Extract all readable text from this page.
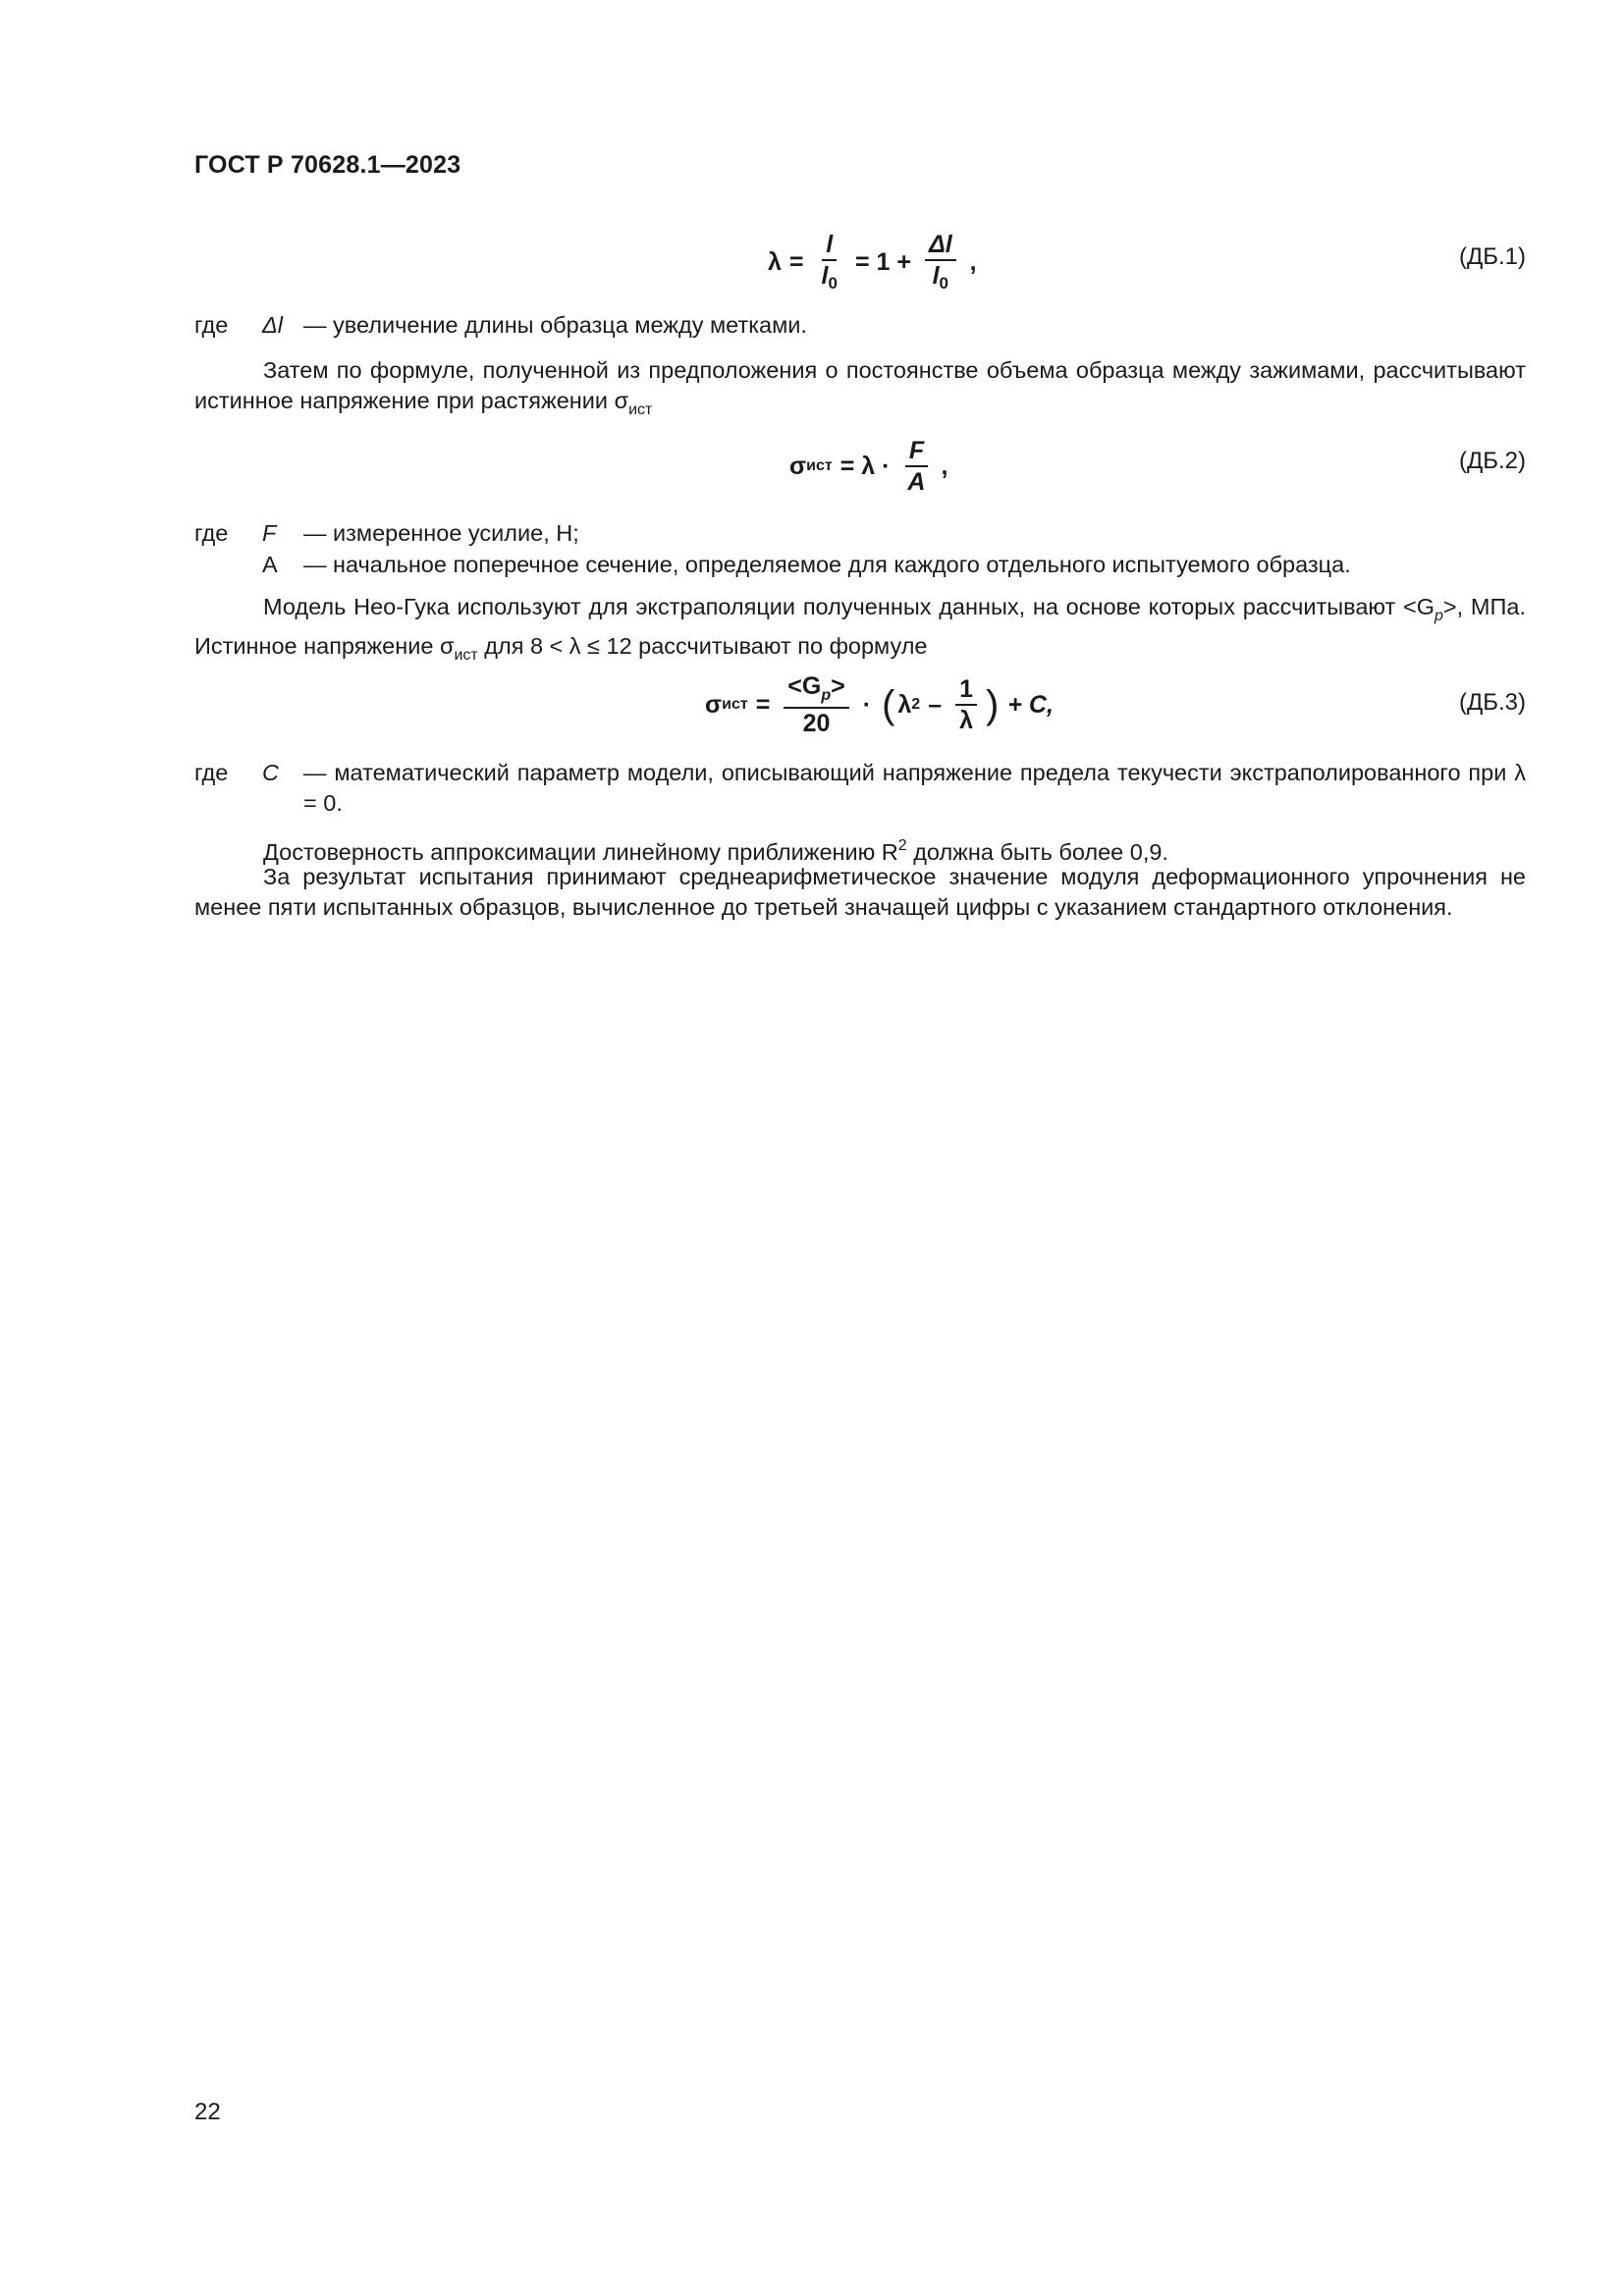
ГОСТ Р 70628.1—2023
$\lambda = \frac{l}{l_0} = 1 + \frac{\Delta l}{l_0}$ ,	(ДБ.1)
где	Δl — увеличение длины образца между метками.
Затем по формуле, полученной из предположения о постоянстве объема образца между зажимами, рассчитывают истинное напряжение при растяжении $\sigma_{ист}$
σ ист = $\lambda \cdot \frac{F}{A}$ ,	(ДБ.2)
где	F	— измеренное усилие, Н;
A	— начальное поперечное сечение, определяемое для каждого отдельного испытуемого образца.
Модель Нео-Гука используют для экстраполяции полученных данных, на основе которых рассчитывают $<G_p>$, МПа. Истинное напряжение $\sigma_{ист}$ для 8 < λ ≤ 12 рассчитывают по формуле
σ ист = $\frac{<G_p>}{20}$ · ( λ $2 - \frac{1}{\lambda}$ ) + C,	(ДБ.3)
где	C	— математический параметр модели, описывающий напряжение предела текучести экстраполированного при λ = 0.
Достоверность аппроксимации линейному приближению $R^2$ должна быть более 0,9.
За результат испытания принимают среднеарифметическое значение модуля деформационного упрочнения не менее пяти испытанных образцов, вычисленное до третьей значащей цифры с указанием стандартного отклонения.
22
